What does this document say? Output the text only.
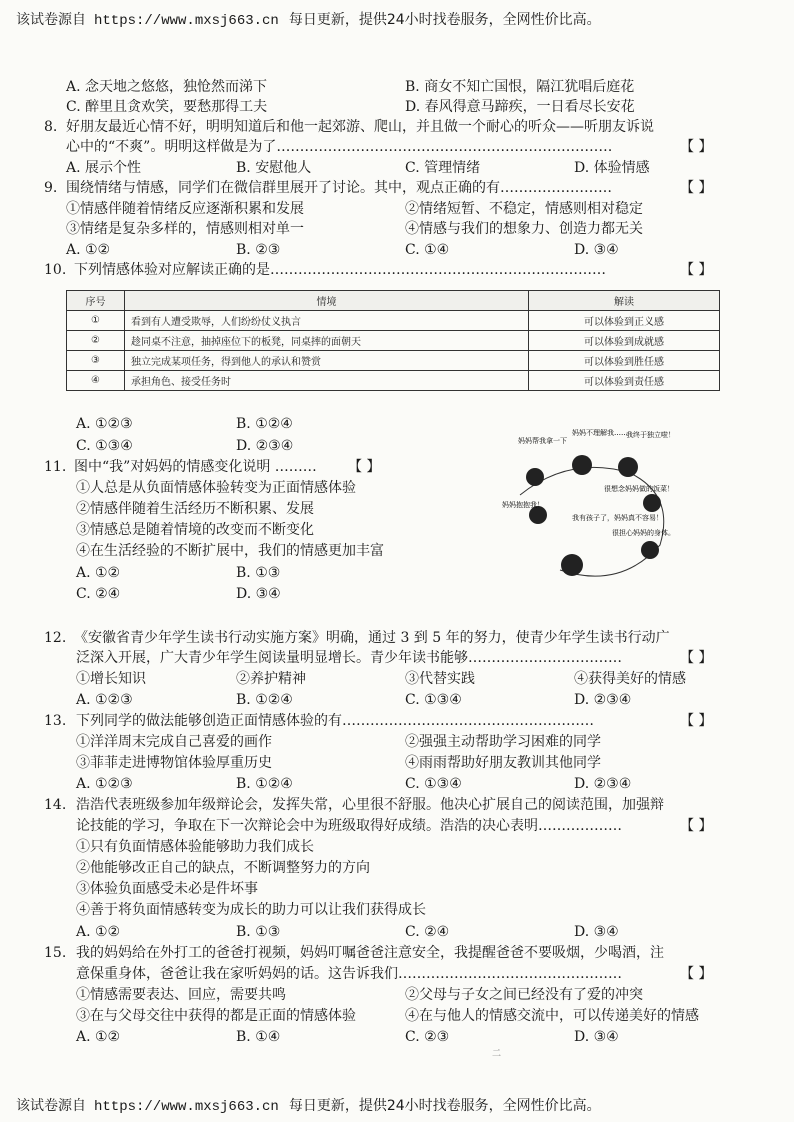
该试卷源自 https://www.mxsj663.cn 每日更新，提供24小时找卷服务，全网性价比高。
A. 念天地之悠悠，独怆然而涕下	B. 商女不知亡国恨，隔江犹唱后庭花
C. 醉里且贪欢笑，要愁那得工夫	D. 春风得意马蹄疾，一日看尽长安花
8. 好朋友最近心情不好，明明知道后和他一起郊游、爬山，并且做一个耐心的听众——听朋友诉说
心中的“不爽”。明明这样做是为了………………………………………………………………	【 】
A. 展示个性	B. 安慰他人	C. 管理情绪	D. 体验情感
9. 围绕情绪与情感，同学们在微信群里展开了讨论。其中，观点正确的有……………………	【 】
①情感伴随着情绪反应逐渐积累和发展	②情绪短暂、不稳定，情感则相对稳定
③情绪是复杂多样的，情感则相对单一	④情感与我们的想象力、创造力都无关
A. ①②	B. ②③	C. ①④	D. ③④
10. 下列情感体验对应解读正确的是………………………………………………………………	【 】
序号	情境	解读
①	看到有人遭受欺辱，人们纷纷仗义执言	可以体验到正义感
②	趁同桌不注意，抽掉座位下的板凳，同桌摔的面朝天	可以体验到成就感
③	独立完成某项任务，得到他人的承认和赞赏	可以体验到胜任感
④	承担角色、接受任务时	可以体验到责任感
A. ①②③	B. ①②④
C. ①③④	D. ②③④
11. 图中“我”对妈妈的情感变化说明 ……… 【 】
①人总是从负面情感体验转变为正面情感体验
②情感伴随着生活经历不断积累、发展
③情感总是随着情境的改变而不断变化
④在生活经验的不断扩展中，我们的情感更加丰富
A. ①②	B. ①③
C. ②④	D. ③④
妈妈帮我拿一下
妈妈不理解我……
我终于独立啦！
妈妈抱抱我！
很想念妈妈做的饭菜！
我有孩子了，妈妈真不容易！
很担心妈妈的身体。
12. 《安徽省青少年学生读书行动实施方案》明确，通过 3 到 5 年的努力，使青少年学生读书行动广
泛深入开展，广大青少年学生阅读量明显增长。青少年读书能够……………………………	【 】
①增长知识	②养护精神	③代替实践	④获得美好的情感
A. ①②③	B. ①②④	C. ①③④	D. ②③④
13. 下列同学的做法能够创造正面情感体验的有………………………………………………	【 】
①洋洋周末完成自己喜爱的画作	②强强主动帮助学习困难的同学
③菲菲走进博物馆体验厚重历史	④雨雨帮助好朋友教训其他同学
A. ①②③	B. ①②④	C. ①③④	D. ②③④
14. 浩浩代表班级参加年级辩论会，发挥失常，心里很不舒服。他决心扩展自己的阅读范围，加强辩
论技能的学习，争取在下一次辩论会中为班级取得好成绩。浩浩的决心表明………………	【 】
①只有负面情感体验能够助力我们成长
②他能够改正自己的缺点，不断调整努力的方向
③体验负面感受未必是件坏事
④善于将负面情感转变为成长的助力可以让我们获得成长
A. ①②	B. ①③	C. ②④	D. ③④
15. 我的妈妈给在外打工的爸爸打视频，妈妈叮嘱爸爸注意安全，我提醒爸爸不要吸烟，少喝酒，注
意保重身体，爸爸让我在家听妈妈的话。这告诉我们…………………………………………	【 】
①情感需要表达、回应，需要共鸣	②父母与子女之间已经没有了爱的冲突
③在与父母交往中获得的都是正面的情感体验	④在与他人的情感交流中，可以传递美好的情感
A. ①②	B. ①④	C. ②③	D. ③④
二
该试卷源自 https://www.mxsj663.cn 每日更新，提供24小时找卷服务，全网性价比高。
